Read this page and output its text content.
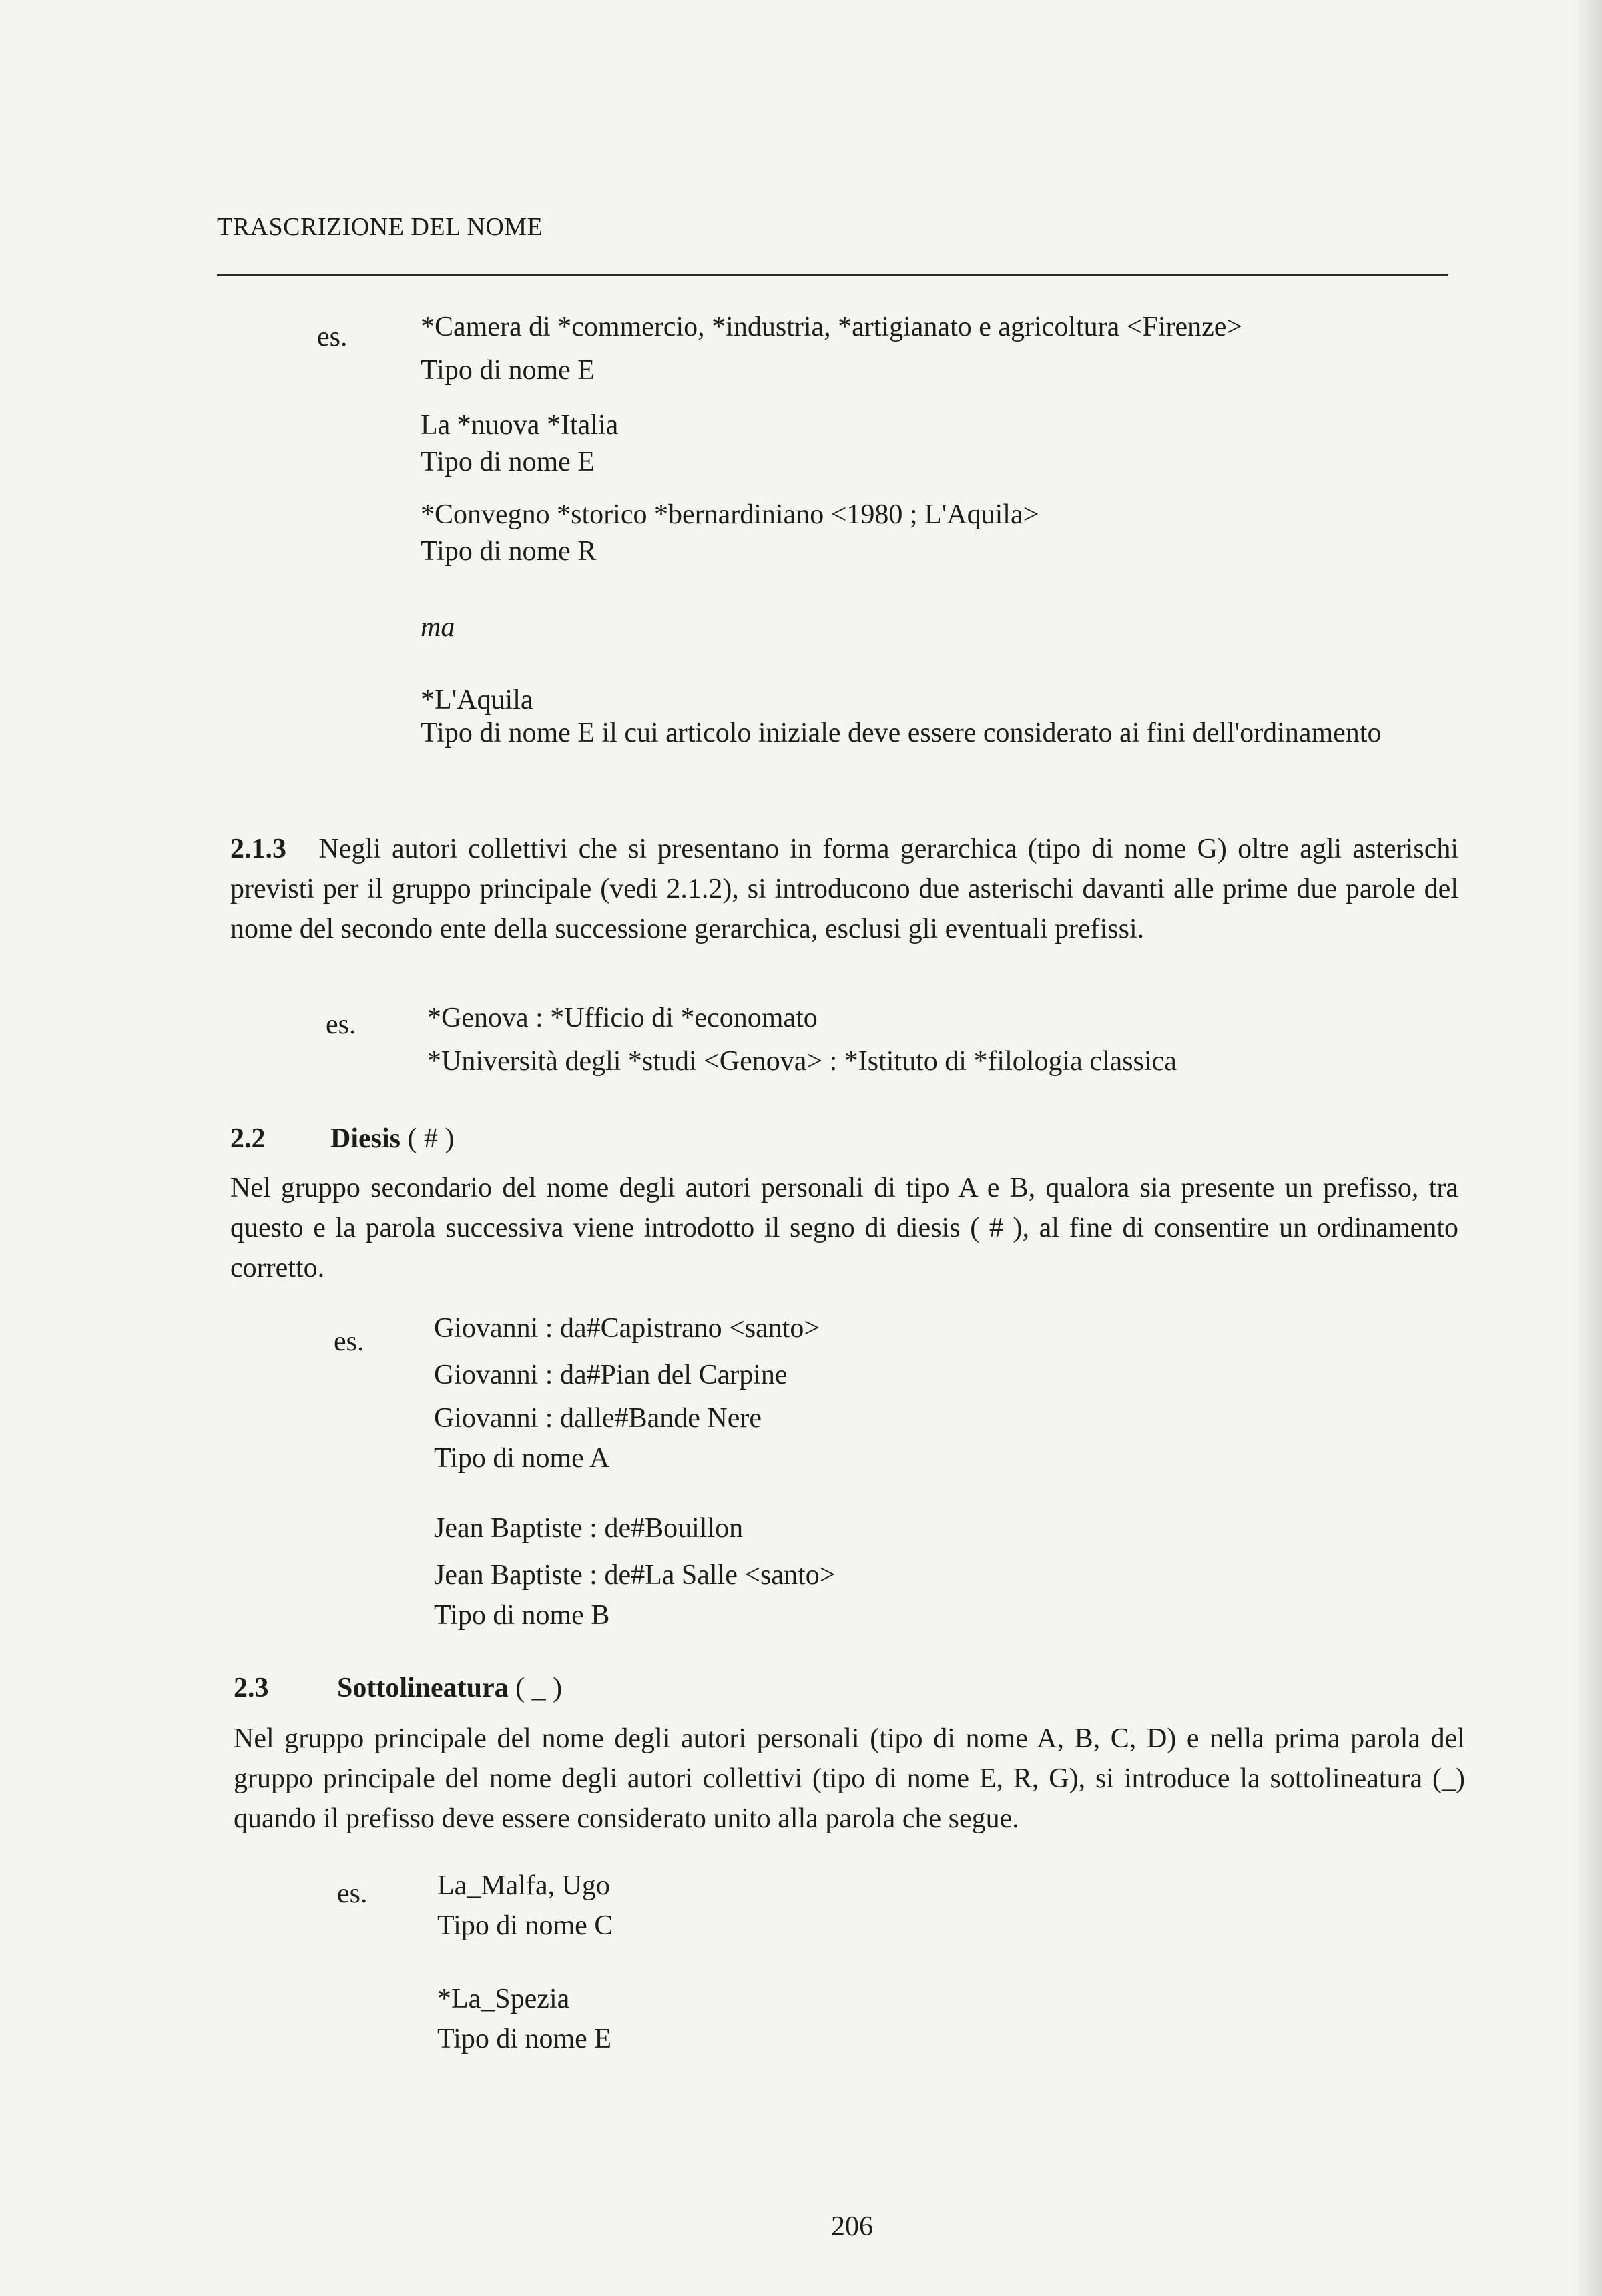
TRASCRIZIONE DEL NOME
es.	*Camera di *commercio, *industria, *artigianato e agricoltura <Firenze>
Tipo di nome E
La *nuova *Italia
Tipo di nome E
*Convegno *storico *bernardiniano <1980 ; L'Aquila>
Tipo di nome R
ma
*L'Aquila
Tipo di nome E il cui articolo iniziale deve essere considerato ai fini dell'ordinamento
2.1.3 Negli autori collettivi che si presentano in forma gerarchica (tipo di nome G) oltre agli asterischi previsti per il gruppo principale (vedi 2.1.2), si introducono due asterischi davanti alle prime due parole del nome del secondo ente della successione gerarchica, esclusi gli eventuali prefissi.
es.	*Genova : *Ufficio di *economato
*Università degli *studi <Genova> : *Istituto di *filologia classica
2.2 Diesis ( # )
Nel gruppo secondario del nome degli autori personali di tipo A e B, qualora sia presente un prefisso, tra questo e la parola successiva viene introdotto il segno di diesis ( # ), al fine di consentire un ordinamento corretto.
es. Giovanni : da#Capistrano <santo>
Giovanni : da#Pian del Carpine
Giovanni : dalle#Bande Nere
Tipo di nome A
Jean Baptiste : de#Bouillon
Jean Baptiste : de#La Salle <santo>
Tipo di nome B
2.3 Sottolineatura ( _ )
Nel gruppo principale del nome degli autori personali (tipo di nome A, B, C, D) e nella prima parola del gruppo principale del nome degli autori collettivi (tipo di nome E, R, G), si introduce la sottolineatura (_) quando il prefisso deve essere considerato unito alla parola che segue.
es. La_Malfa, Ugo
Tipo di nome C
*La_Spezia
Tipo di nome E
206
